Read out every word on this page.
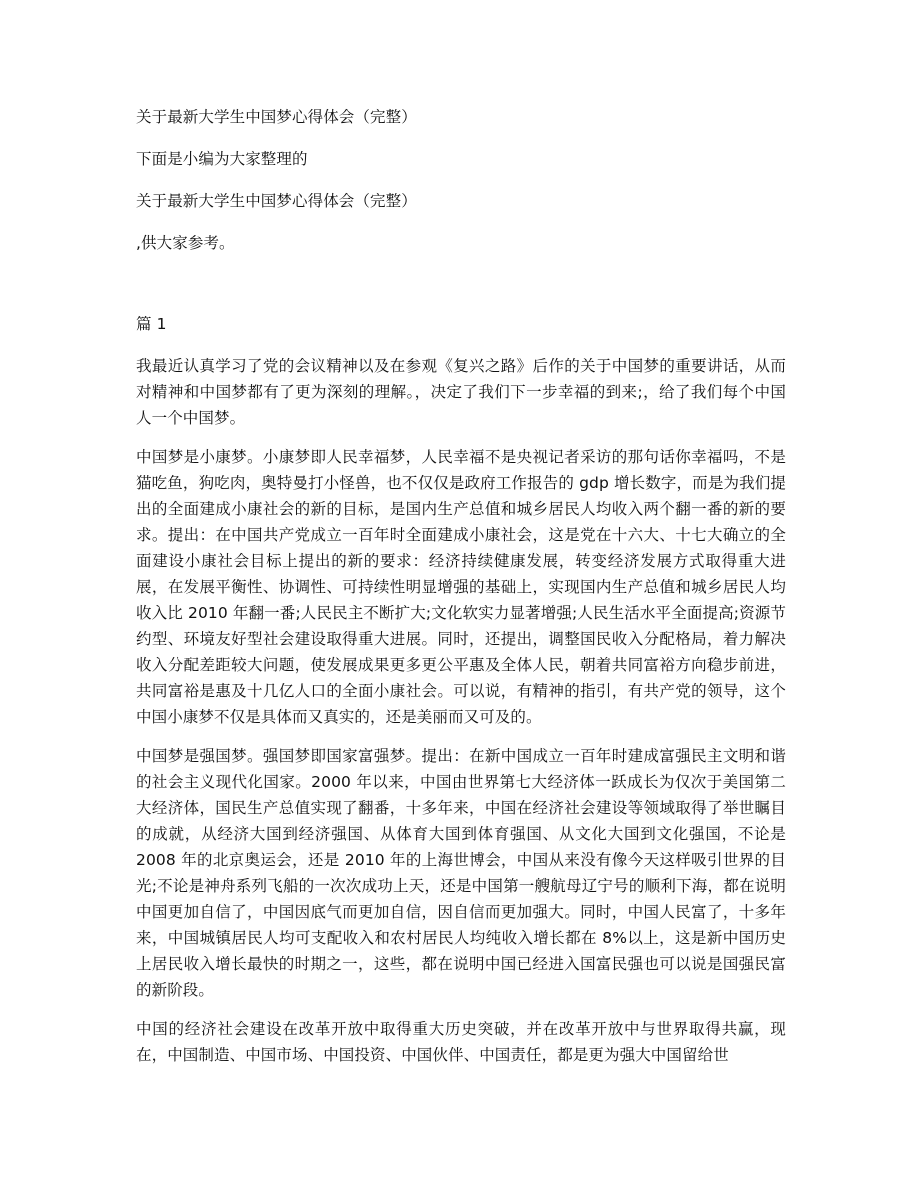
关于最新大学生中国梦心得体会（完整）
下面是小编为大家整理的
关于最新大学生中国梦心得体会（完整）
,供大家参考。
篇 1

我最近认真学习了党的会议精神以及在参观《复兴之路》后作的关于中国梦的重要讲话，从而对精神和中国梦都有了更为深刻的理解。，决定了我们下一步幸福的到来;，给了我们每个中国人一个中国梦。

中国梦是小康梦。小康梦即人民幸福梦，人民幸福不是央视记者采访的那句话你幸福吗，不是猫吃鱼，狗吃肉，奥特曼打小怪兽，也不仅仅是政府工作报告的 gdp 增长数字，而是为我们提出的全面建成小康社会的新的目标，是国内生产总值和城乡居民人均收入两个翻一番的新的要求。提出：在中国共产党成立一百年时全面建成小康社会，这是党在十六大、十七大确立的全面建设小康社会目标上提出的新的要求：经济持续健康发展，转变经济发展方式取得重大进展，在发展平衡性、协调性、可持续性明显增强的基础上，实现国内生产总值和城乡居民人均收入比 2010 年翻一番;人民民主不断扩大;文化软实力显著增强;人民生活水平全面提高;资源节约型、环境友好型社会建设取得重大进展。同时，还提出，调整国民收入分配格局，着力解决收入分配差距较大问题，使发展成果更多更公平惠及全体人民，朝着共同富裕方向稳步前进，共同富裕是惠及十几亿人口的全面小康社会。可以说，有精神的指引，有共产党的领导，这个中国小康梦不仅是具体而又真实的，还是美丽而又可及的。

中国梦是强国梦。强国梦即国家富强梦。提出：在新中国成立一百年时建成富强民主文明和谐的社会主义现代化国家。2000 年以来，中国由世界第七大经济体一跃成长为仅次于美国第二大经济体，国民生产总值实现了翻番，十多年来，中国在经济社会建设等领域取得了举世瞩目的成就，从经济大国到经济强国、从体育大国到体育强国、从文化大国到文化强国，不论是 2008 年的北京奥运会，还是 2010 年的上海世博会，中国从来没有像今天这样吸引世界的目光;不论是神舟系列飞船的一次次成功上天，还是中国第一艘航母辽宁号的顺利下海，都在说明中国更加自信了，中国因底气而更加自信，因自信而更加强大。同时，中国人民富了，十多年来，中国城镇居民人均可支配收入和农村居民人均纯收入增长都在 8%以上，这是新中国历史上居民收入增长最快的时期之一，这些，都在说明中国已经进入国富民强也可以说是国强民富的新阶段。

中国的经济社会建设在改革开放中取得重大历史突破，并在改革开放中与世界取得共赢，现在，中国制造、中国市场、中国投资、中国伙伴、中国责任，都是更为强大中国留给世
